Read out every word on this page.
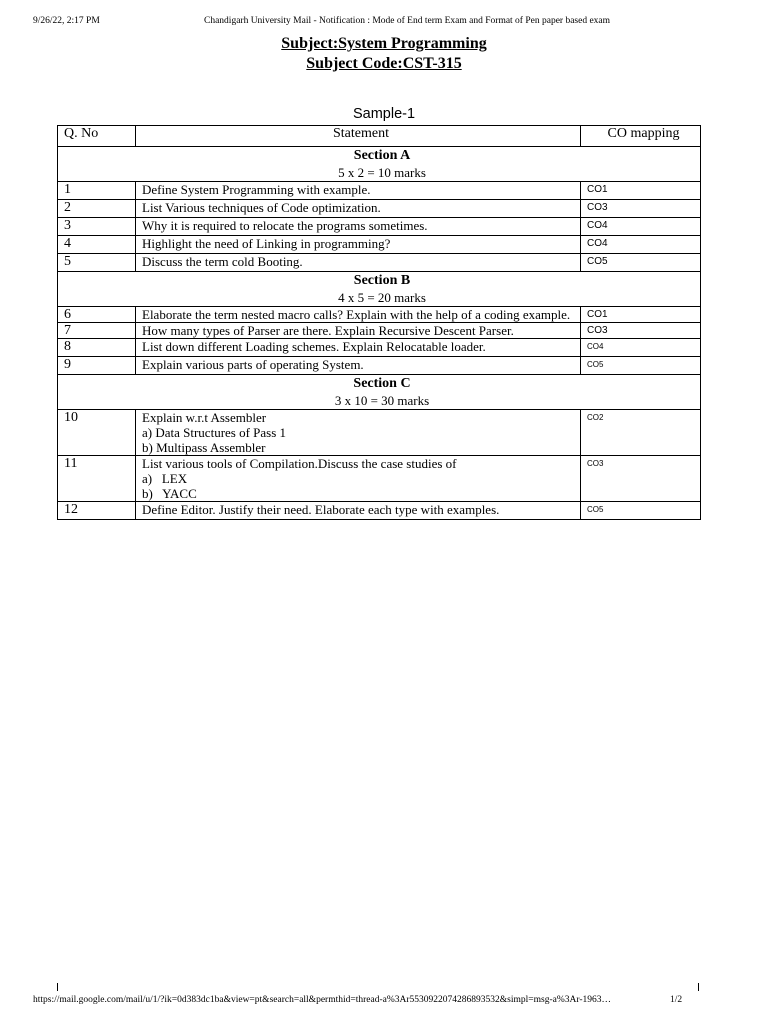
9/26/22, 2:17 PM	Chandigarh University Mail - Notification : Mode of End term Exam and Format of Pen paper based exam
Subject:System Programming
Subject Code:CST-315
Sample-1
Q. No	Statement	CO mapping

Section A
5 x 2 = 10 marks		

1	Define System Programming with example.	CO1
2	List Various techniques of Code optimization.	CO3
3	Why it is required to relocate the programs sometimes.	CO4
4	Highlight the need of Linking in programming?	CO4
5	Discuss the term cold Booting.	CO5

Section B
4 x 5 = 20 marks		

6	Elaborate the term nested macro calls? Explain with the help of a coding example.	CO1
7	How many types of Parser are there. Explain Recursive Descent Parser.	CO3
8	List down different Loading schemes. Explain Relocatable loader.	CO4
9	Explain various parts of operating System.	CO5

Section C
3 x 10 = 30 marks		

10	Explain w.r.t Assembler
a) Data Structures of Pass 1
b) Multipass Assembler	CO2
11	List various tools of Compilation.Discuss the case studies of
a)   LEX
b)   YACC	CO3
12	Define Editor. Justify their need. Elaborate each type with examples.	CO5
https://mail.google.com/mail/u/1/?ik=0d383dc1ba&view=pt&search=all&permthid=thread-a%3Ar5530922074286893532&simpl=msg-a%3Ar-1963…	1/2
